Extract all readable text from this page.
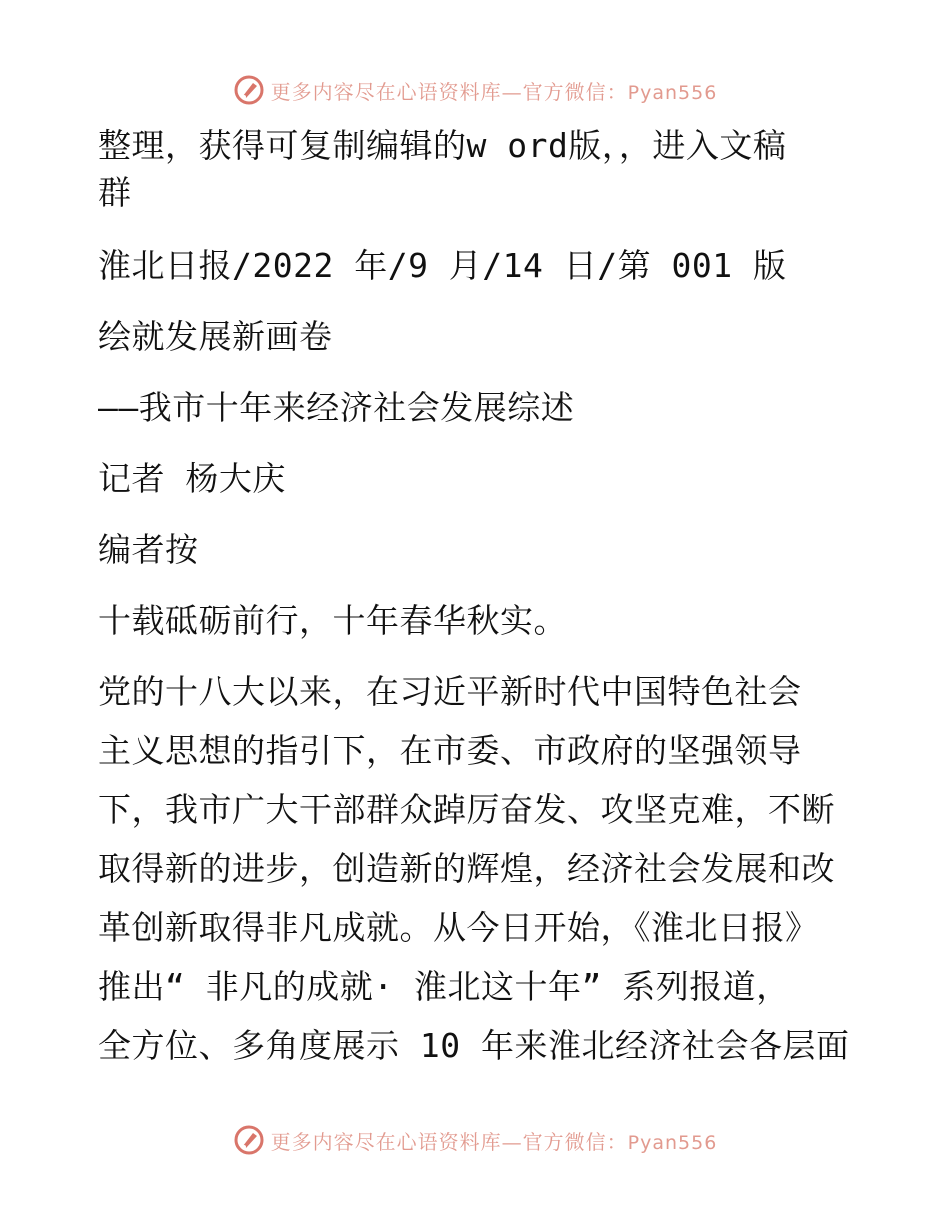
更多内容尽在心语资料库—官方微信：Pyan556
整理，获得可复制编辑的w ord版，，进入文稿
群
淮北日报/2022 年/9 月/14 日/第 001 版
绘就发展新画卷
——我市十年来经济社会发展综述
记者 杨大庆
编者按
十载砥砺前行，十年春华秋实。
党的十八大以来，在习近平新时代中国特色社会
主义思想的指引下，在市委、市政府的坚强领导
下，我市广大干部群众踔厉奋发、攻坚克难，不断
取得新的进步，创造新的辉煌，经济社会发展和改
革创新取得非凡成就。从今日开始，《淮北日报》
推出“ 非凡的成就· 淮北这十年” 系列报道，
全方位、多角度展示 10 年来淮北经济社会各层面
更多内容尽在心语资料库—官方微信：Pyan556
